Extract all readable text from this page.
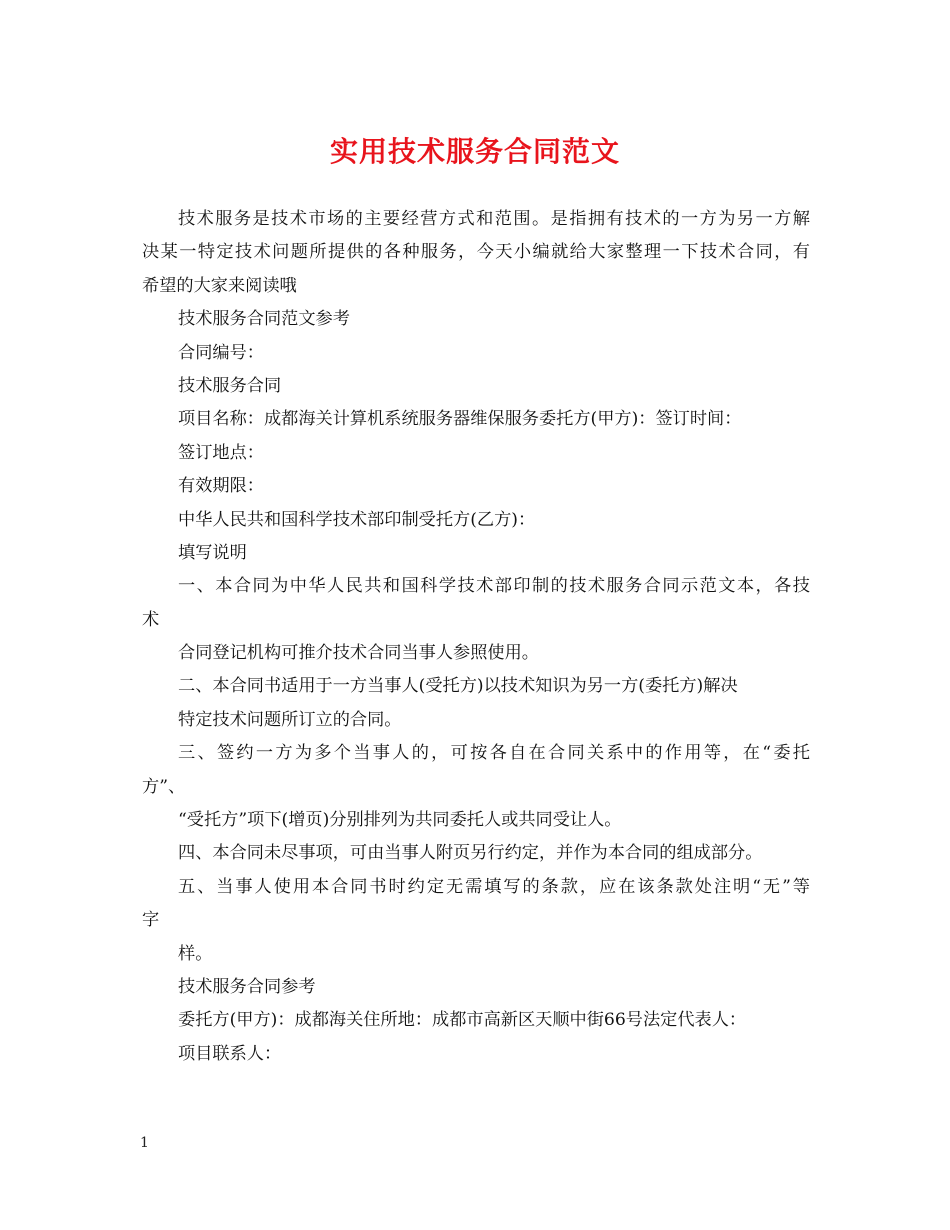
实用技术服务合同范文
技术服务是技术市场的主要经营方式和范围。是指拥有技术的一方为另一方解
决某一特定技术问题所提供的各种服务，今天小编就给大家整理一下技术合同，有
希望的大家来阅读哦
技术服务合同范文参考
合同编号：
技术服务合同
项目名称：成都海关计算机系统服务器维保服务委托方(甲方)：签订时间：
签订地点：
有效期限：
中华人民共和国科学技术部印制受托方(乙方)：
填写说明
一、本合同为中华人民共和国科学技术部印制的技术服务合同示范文本，各技
术
合同登记机构可推介技术合同当事人参照使用。
二、本合同书适用于一方当事人(受托方)以技术知识为另一方(委托方)解决
特定技术问题所订立的合同。
三、签约一方为多个当事人的，可按各自在合同关系中的作用等，在“委托
方”、
“受托方”项下(增页)分别排列为共同委托人或共同受让人。
四、本合同未尽事项，可由当事人附页另行约定，并作为本合同的组成部分。
五、当事人使用本合同书时约定无需填写的条款，应在该条款处注明“无”等
字
样。
技术服务合同参考
委托方(甲方)：成都海关住所地：成都市高新区天顺中街66号法定代表人：
项目联系人：
1
